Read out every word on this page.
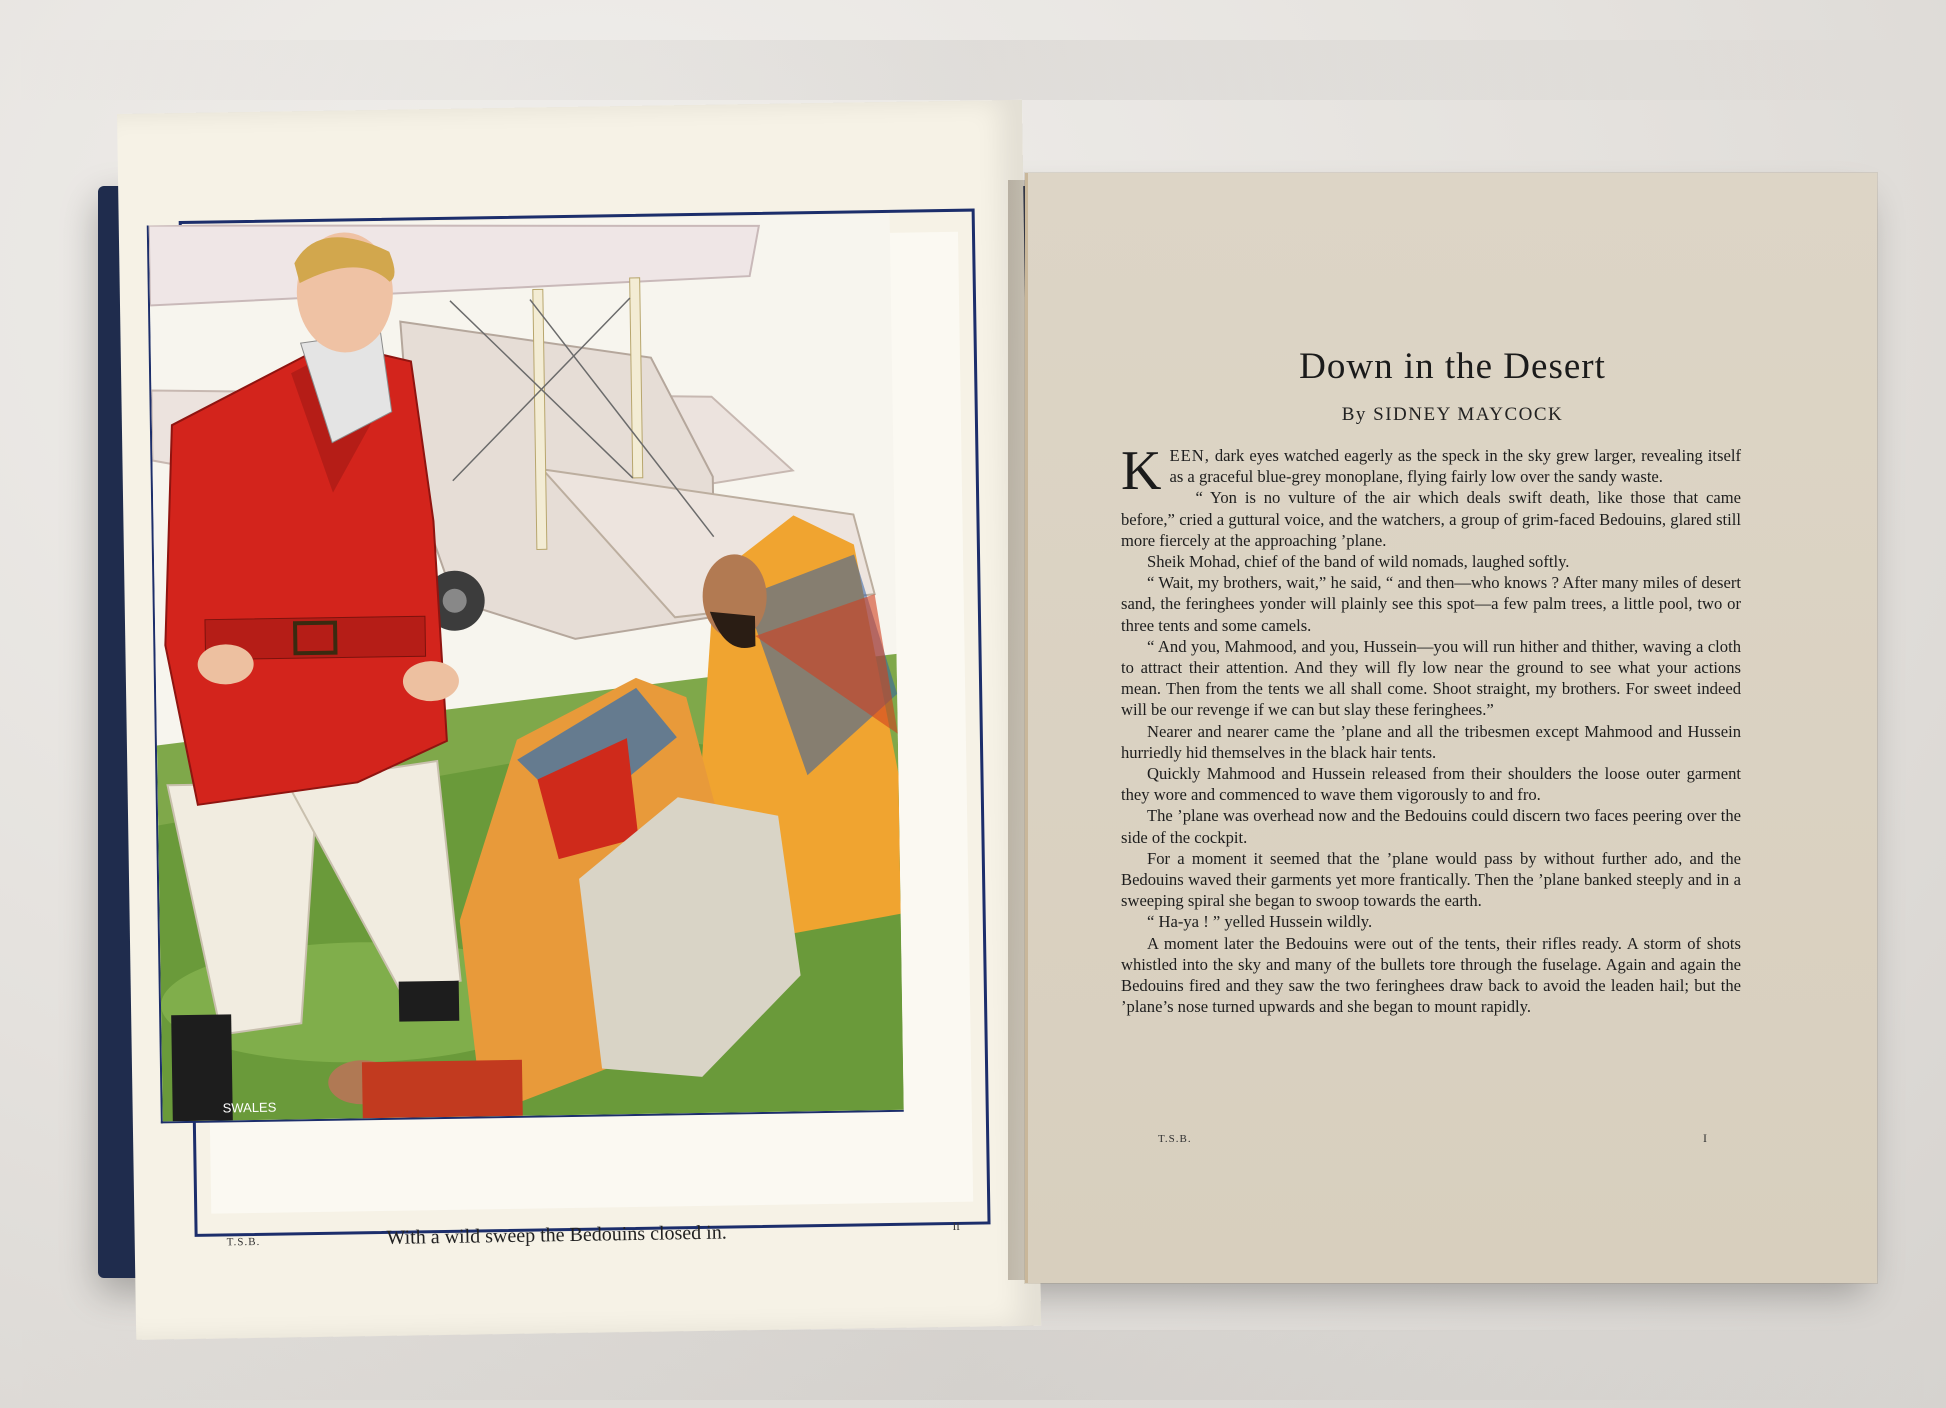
SWALES
T.S.B.	With a wild sweep the Bedouins closed in.	II
Down in the Desert
By SIDNEY MAYCOCK

KEEN, dark eyes watched eagerly as the speck in the sky grew larger, revealing itself as a graceful blue-grey monoplane, flying fairly low over the sandy waste.

“ Yon is no vulture of the air which deals swift death, like those that came before,” cried a guttural voice, and the watchers, a group of grim-faced Bedouins, glared still more fiercely at the approaching ’plane.

Sheik Mohad, chief of the band of wild nomads, laughed softly.

“ Wait, my brothers, wait,” he said, “ and then—who knows ? After many miles of desert sand, the feringhees yonder will plainly see this spot—a few palm trees, a little pool, two or three tents and some camels.

“ And you, Mahmood, and you, Hussein—you will run hither and thither, waving a cloth to attract their attention. And they will fly low near the ground to see what your actions mean. Then from the tents we all shall come. Shoot straight, my brothers. For sweet indeed will be our revenge if we can but slay these feringhees.”

Nearer and nearer came the ’plane and all the tribesmen except Mahmood and Hussein hurriedly hid themselves in the black hair tents.

Quickly Mahmood and Hussein released from their shoulders the loose outer garment they wore and commenced to wave them vigorously to and fro.

The ’plane was overhead now and the Bedouins could discern two faces peering over the side of the cockpit.

For a moment it seemed that the ’plane would pass by without further ado, and the Bedouins waved their garments yet more frantically. Then the ’plane banked steeply and in a sweeping spiral she began to swoop towards the earth.

“ Ha-ya ! ” yelled Hussein wildly.

A moment later the Bedouins were out of the tents, their rifles ready. A storm of shots whistled into the sky and many of the bullets tore through the fuselage. Again and again the Bedouins fired and they saw the two feringhees draw back to avoid the leaden hail; but the ’plane’s nose turned upwards and she began to mount rapidly.

T.S.B.	I
